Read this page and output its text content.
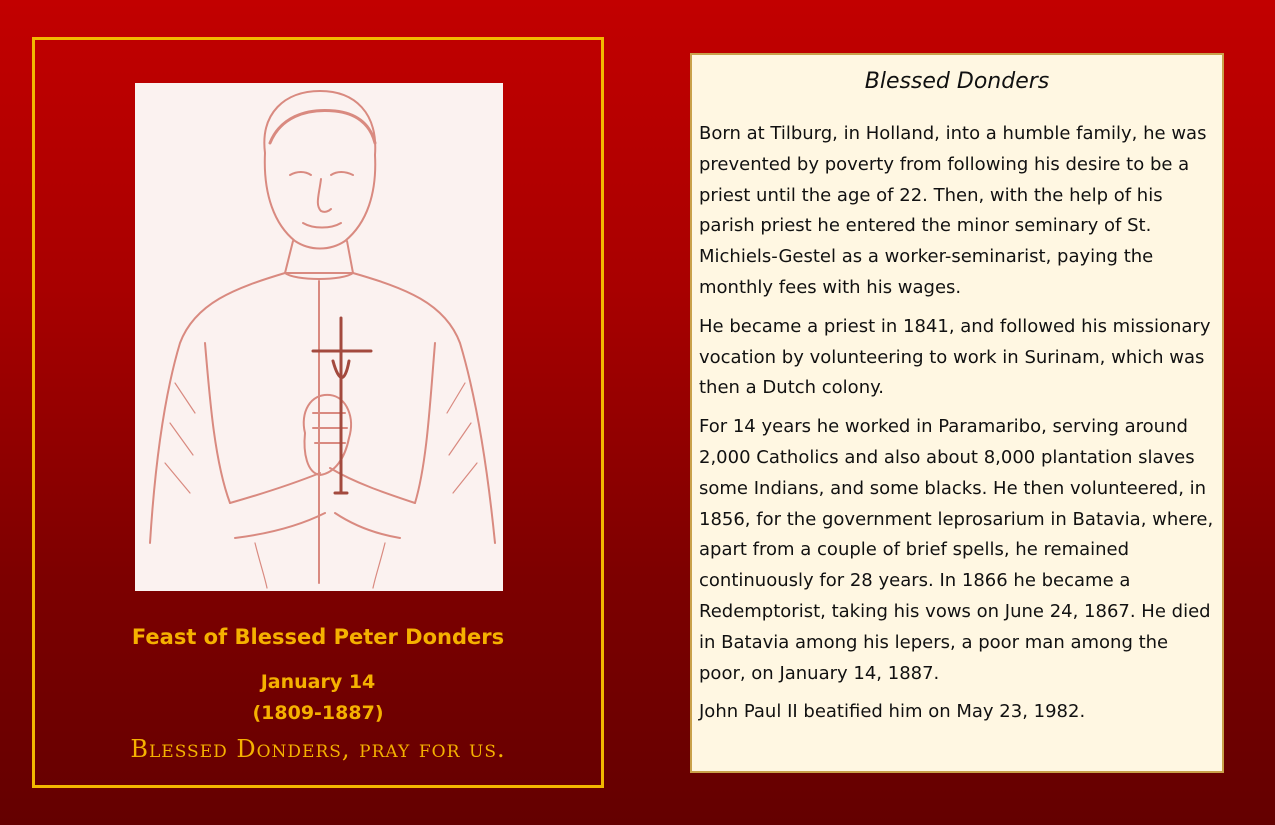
Feast of Blessed Peter Donders
January 14
(1809-1887)
Blessed Donders, pray for us.
Blessed Donders

Born at Tilburg, in Holland, into a humble family, he was prevented by poverty from following his desire to be a priest until the age of 22. Then, with the help of his parish priest he entered the minor seminary of St. Michiels-Gestel as a worker-seminarist, paying the monthly fees with his wages.

He became a priest in 1841, and followed his missionary vocation by volunteering to work in Surinam, which was then a Dutch colony.

For 14 years he worked in Paramaribo, serving around 2,000 Catholics and also about 8,000 plantation slaves some Indians, and some blacks. He then volunteered, in 1856, for the government leprosarium in Batavia, where, apart from a couple of brief spells, he remained continuously for 28 years. In 1866 he became a Redemptorist, taking his vows on June 24, 1867. He died in Batavia among his lepers, a poor man among the poor, on January 14, 1887.

John Paul II beatified him on May 23, 1982.
